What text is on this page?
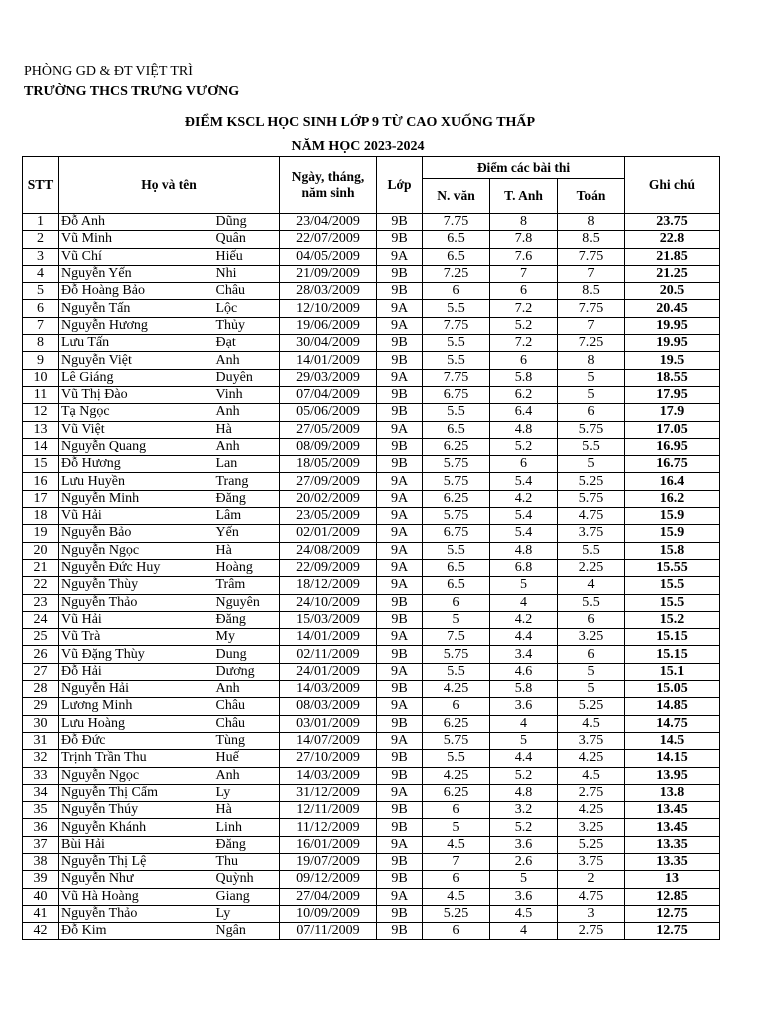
PHÒNG GD & ĐT VIỆT TRÌ
TRƯỜNG THCS TRƯNG VƯƠNG
ĐIỂM KSCL HỌC SINH LỚP 9 TỪ CAO XUỐNG THẤP
NĂM HỌC 2023-2024
STT	Họ và tên		Ngày, tháng, năm sinh	Lớp	Điểm các bài thi			Ghi chú
					N. văn	T. Anh	Toán	
1	Đỗ Anh	Dũng	23/04/2009	9B	7.75	8	8	23.75
2	Vũ Minh	Quân	22/07/2009	9B	6.5	7.8	8.5	22.8
3	Vũ Chí	Hiếu	04/05/2009	9A	6.5	7.6	7.75	21.85
4	Nguyễn Yến	Nhi	21/09/2009	9B	7.25	7	7	21.25
5	Đỗ Hoàng Bảo	Châu	28/03/2009	9B	6	6	8.5	20.5
6	Nguyễn Tấn	Lộc	12/10/2009	9A	5.5	7.2	7.75	20.45
7	Nguyễn Hương	Thủy	19/06/2009	9A	7.75	5.2	7	19.95
8	Lưu Tấn	Đạt	30/04/2009	9B	5.5	7.2	7.25	19.95
9	Nguyễn Việt	Anh	14/01/2009	9B	5.5	6	8	19.5
10	Lê Giáng	Duyên	29/03/2009	9A	7.75	5.8	5	18.55
11	Vũ Thị Đào	Vinh	07/04/2009	9B	6.75	6.2	5	17.95
12	Tạ Ngọc	Anh	05/06/2009	9B	5.5	6.4	6	17.9
13	Vũ Việt	Hà	27/05/2009	9A	6.5	4.8	5.75	17.05
14	Nguyễn Quang	Anh	08/09/2009	9B	6.25	5.2	5.5	16.95
15	Đỗ Hương	Lan	18/05/2009	9B	5.75	6	5	16.75
16	Lưu Huyền	Trang	27/09/2009	9A	5.75	5.4	5.25	16.4
17	Nguyễn Minh	Đăng	20/02/2009	9A	6.25	4.2	5.75	16.2
18	Vũ Hải	Lâm	23/05/2009	9A	5.75	5.4	4.75	15.9
19	Nguyễn Bảo	Yến	02/01/2009	9A	6.75	5.4	3.75	15.9
20	Nguyễn Ngọc	Hà	24/08/2009	9A	5.5	4.8	5.5	15.8
21	Nguyễn Đức Huy	Hoàng	22/09/2009	9A	6.5	6.8	2.25	15.55
22	Nguyễn Thùy	Trâm	18/12/2009	9A	6.5	5	4	15.5
23	Nguyễn Thảo	Nguyên	24/10/2009	9B	6	4	5.5	15.5
24	Vũ Hải	Đăng	15/03/2009	9B	5	4.2	6	15.2
25	Vũ Trà	My	14/01/2009	9A	7.5	4.4	3.25	15.15
26	Vũ Đặng Thùy	Dung	02/11/2009	9B	5.75	3.4	6	15.15
27	Đỗ Hải	Dương	24/01/2009	9A	5.5	4.6	5	15.1
28	Nguyễn Hải	Anh	14/03/2009	9B	4.25	5.8	5	15.05
29	Lương Minh	Châu	08/03/2009	9A	6	3.6	5.25	14.85
30	Lưu Hoàng	Châu	03/01/2009	9B	6.25	4	4.5	14.75
31	Đỗ Đức	Tùng	14/07/2009	9A	5.75	5	3.75	14.5
32	Trịnh Trần Thu	Huế	27/10/2009	9B	5.5	4.4	4.25	14.15
33	Nguyễn Ngọc	Anh	14/03/2009	9B	4.25	5.2	4.5	13.95
34	Nguyễn Thị Cẩm	Ly	31/12/2009	9A	6.25	4.8	2.75	13.8
35	Nguyễn Thúy	Hà	12/11/2009	9B	6	3.2	4.25	13.45
36	Nguyễn Khánh	Linh	11/12/2009	9B	5	5.2	3.25	13.45
37	Bùi Hải	Đăng	16/01/2009	9A	4.5	3.6	5.25	13.35
38	Nguyễn Thị Lệ	Thu	19/07/2009	9B	7	2.6	3.75	13.35
39	Nguyễn Như	Quỳnh	09/12/2009	9B	6	5	2	13
40	Vũ Hà Hoàng	Giang	27/04/2009	9A	4.5	3.6	4.75	12.85
41	Nguyễn Thảo	Ly	10/09/2009	9B	5.25	4.5	3	12.75
42	Đỗ Kim	Ngân	07/11/2009	9B	6	4	2.75	12.75
